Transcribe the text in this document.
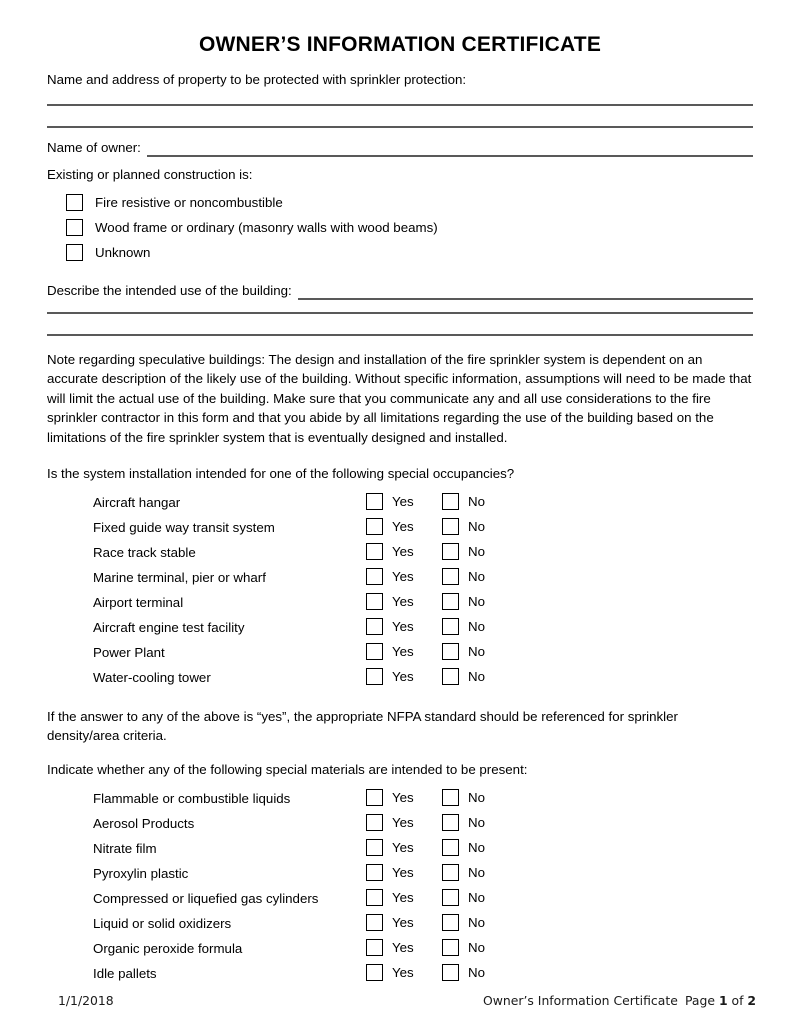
OWNER’S INFORMATION CERTIFICATE

Name and address of property to be protected with sprinkler protection:

Name of owner:

Existing or planned construction is:

Fire resistive or noncombustible
Wood frame or ordinary (masonry walls with wood beams)
Unknown
Describe the intended use of the building:

Note regarding speculative buildings: The design and installation of the fire sprinkler system is dependent on an accurate description of the likely use of the building. Without specific information, assumptions will need to be made that will limit the actual use of the building. Make sure that you communicate any and all use considerations to the fire sprinkler contractor in this form and that you abide by all limitations regarding the use of the building based on the limitations of the fire sprinkler system that is eventually designed and installed.

Is the system installation intended for one of the following special occupancies?

Aircraft hangar	Yes	No
Fixed guide way transit system	Yes	No
Race track stable	Yes	No
Marine terminal, pier or wharf	Yes	No
Airport terminal	Yes	No
Aircraft engine test facility	Yes	No
Power Plant	Yes	No
Water-cooling tower	Yes	No

If the answer to any of the above is “yes”, the appropriate NFPA standard should be referenced for sprinkler density/area criteria.

Indicate whether any of the following special materials are intended to be present:

Flammable or combustible liquids	Yes	No
Aerosol Products	Yes	No
Nitrate film	Yes	No
Pyroxylin plastic	Yes	No
Compressed or liquefied gas cylinders	Yes	No
Liquid or solid oxidizers	Yes	No
Organic peroxide formula	Yes	No
Idle pallets	Yes	No
1/1/2018	Owner’s Information Certificate Page 1 of 2
